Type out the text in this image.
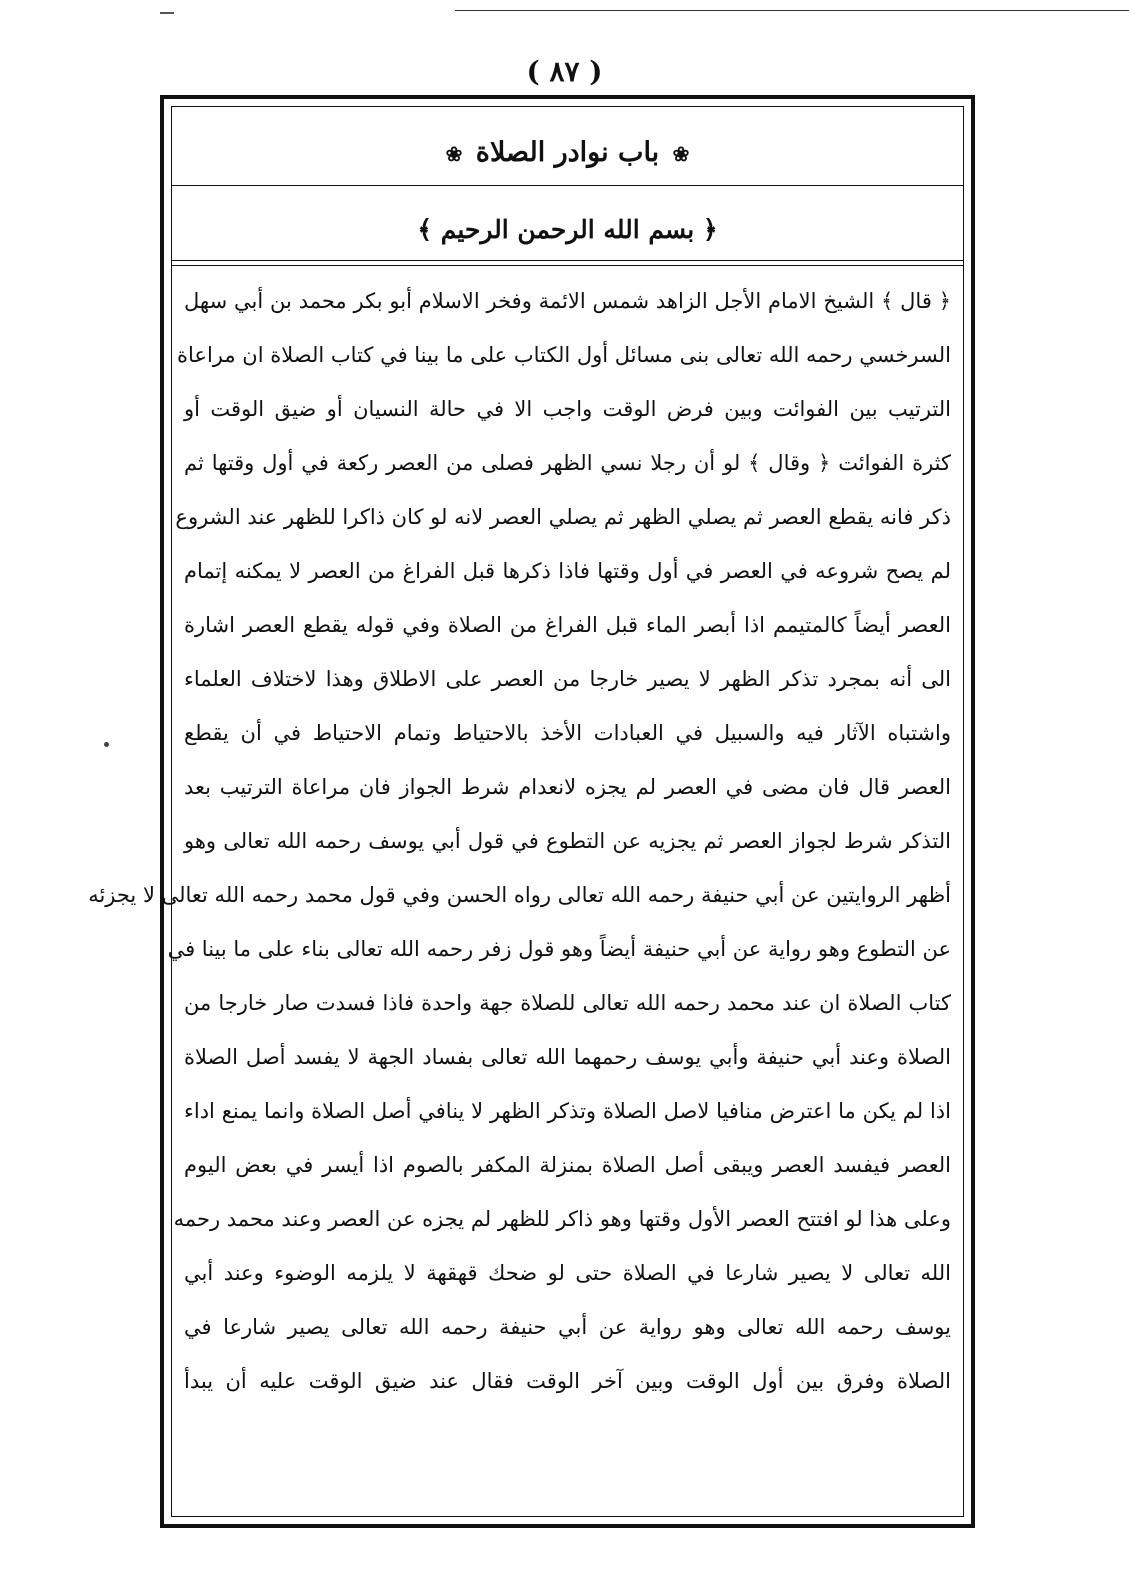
( ٨٧ )
❀ باب نوادر الصلاة ❀
﴿ بسم الله الرحمن الرحيم ﴾
﴿ قال ﴾ الشيخ الامام الأجل الزاهد شمس الائمة وفخر الاسلام أبو بكر محمد بن أبي سهل
السرخسي رحمه الله تعالى بنى مسائل أول الكتاب على ما بينا في كتاب الصلاة ان مراعاة
الترتيب بين الفوائت وبين فرض الوقت واجب الا في حالة النسيان أو ضيق الوقت أو
كثرة الفوائت ﴿ وقال ﴾ لو أن رجلا نسي الظهر فصلى من العصر ركعة في أول وقتها ثم
ذكر فانه يقطع العصر ثم يصلي الظهر ثم يصلي العصر لانه لو كان ذاكرا للظهر عند الشروع
لم يصح شروعه في العصر في أول وقتها فاذا ذكرها قبل الفراغ من العصر لا يمكنه إتمام
العصر أيضاً كالمتيمم اذا أبصر الماء قبل الفراغ من الصلاة وفي قوله يقطع العصر اشارة
الى أنه بمجرد تذكر الظهر لا يصير خارجا من العصر على الاطلاق وهذا لاختلاف العلماء
واشتباه الآثار فيه والسبيل في العبادات الأخذ بالاحتياط وتمام الاحتياط في أن يقطع
العصر قال فان مضى في العصر لم يجزه لانعدام شرط الجواز فان مراعاة الترتيب بعد
التذكر شرط لجواز العصر ثم يجزيه عن التطوع في قول أبي يوسف رحمه الله تعالى وهو
أظهر الروايتين عن أبي حنيفة رحمه الله تعالى رواه الحسن وفي قول محمد رحمه الله تعالى لا يجزئه
عن التطوع وهو رواية عن أبي حنيفة أيضاً وهو قول زفر رحمه الله تعالى بناء على ما بينا في
كتاب الصلاة ان عند محمد رحمه الله تعالى للصلاة جهة واحدة فاذا فسدت صار خارجا من
الصلاة وعند أبي حنيفة وأبي يوسف رحمهما الله تعالى بفساد الجهة لا يفسد أصل الصلاة
اذا لم يكن ما اعترض منافيا لاصل الصلاة وتذكر الظهر لا ينافي أصل الصلاة وانما يمنع اداء
العصر فيفسد العصر ويبقى أصل الصلاة بمنزلة المكفر بالصوم اذا أيسر في بعض اليوم
وعلى هذا لو افتتح العصر الأول وقتها وهو ذاكر للظهر لم يجزه عن العصر وعند محمد رحمه
الله تعالى لا يصير شارعا في الصلاة حتى لو ضحك قهقهة لا يلزمه الوضوء وعند أبي
يوسف رحمه الله تعالى وهو رواية عن أبي حنيفة رحمه الله تعالى يصير شارعا في
الصلاة وفرق بين أول الوقت وبين آخر الوقت فقال عند ضيق الوقت عليه أن يبدأ
